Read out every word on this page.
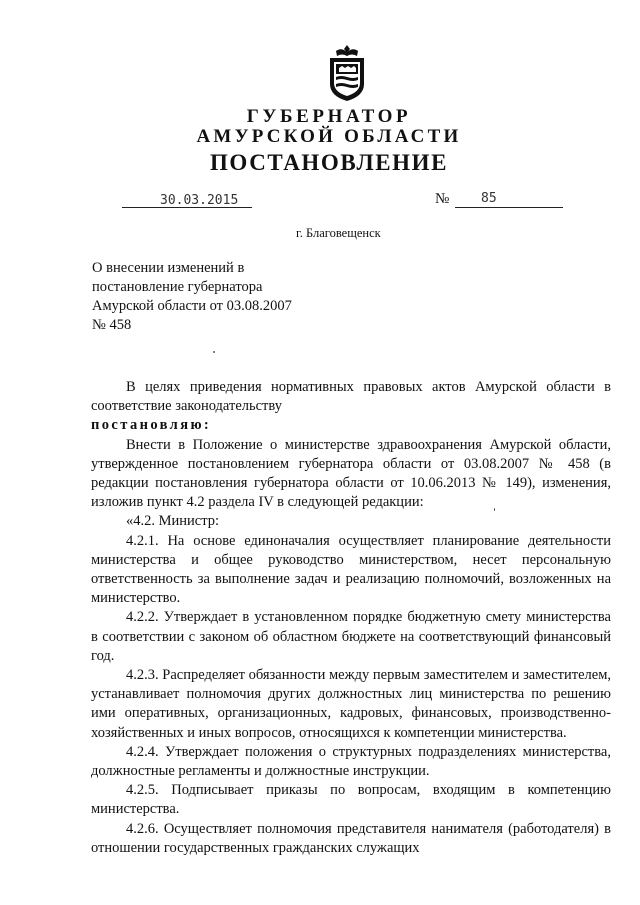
ГУБЕРНАТОР
АМУРСКОЙ ОБЛАСТИ
ПОСТАНОВЛЕНИЕ
30.03.2015	№ 85
г. Благовещенск
О внесении изменений в
постановление губернатора
Амурской области от 03.08.2007
№ 458

В целях приведения нормативных правовых актов Амурской области в соответствие законодательству

постановляю:

Внести в Положение о министерстве здравоохранения Амурской области, утвержденное постановлением губернатора области от 03.08.2007 № 458 (в редакции постановления губернатора области от 10.06.2013 № 149), изменения, изложив пункт 4.2 раздела IV в следующей редакции:

«4.2. Министр:

4.2.1. На основе единоначалия осуществляет планирование деятельности министерства и общее руководство министерством, несет персональную ответственность за выполнение задач и реализацию полномочий, возложенных на министерство.

4.2.2. Утверждает в установленном порядке бюджетную смету министерства в соответствии с законом об областном бюджете на соответствующий финансовый год.

4.2.3. Распределяет обязанности между первым заместителем и заместителем, устанавливает полномочия других должностных лиц министерства по решению ими оперативных, организационных, кадровых, финансовых, производственно-хозяйственных и иных вопросов, относящихся к компетенции министерства.

4.2.4. Утверждает положения о структурных подразделениях министерства, должностные регламенты и должностные инструкции.

4.2.5. Подписывает приказы по вопросам, входящим в компетенцию министерства.

4.2.6. Осуществляет полномочия представителя нанимателя (работодателя) в отношении государственных гражданских служащих
